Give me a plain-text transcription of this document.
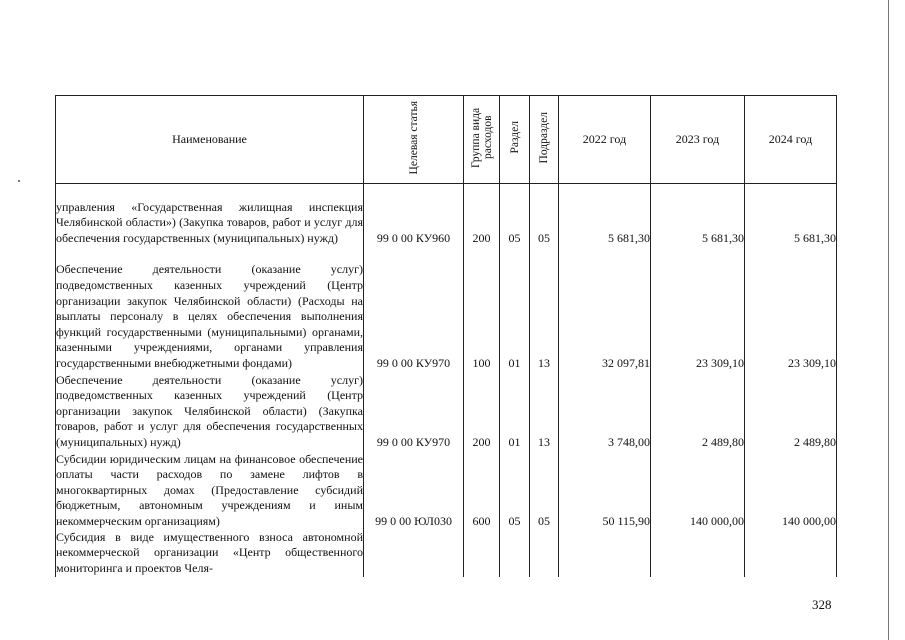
Наименование	Целевая статья	Группа вида расходов	Раздел	Подраздел	2022 год	2023 год	2024 год
управления «Государственная жилищная инспекция Челябинской области») (Закупка товаров, работ и услуг для обеспечения государственных (муниципальных) нужд)	99 0 00 КУ960	200	05	05	5 681,30	5 681,30	5 681,30
Обеспечение деятельности (оказание услуг) подведомственных казенных учреждений (Центр организации закупок Челябинской области) (Расходы на выплаты персоналу в целях обеспечения выполнения функций государственными (муниципальными) органами, казенными учреждениями, органами управления государственными внебюджетными фондами)	99 0 00 КУ970	100	01	13	32 097,81	23 309,10	23 309,10
Обеспечение деятельности (оказание услуг) подведомственных казенных учреждений (Центр организации закупок Челябинской области) (Закупка товаров, работ и услуг для обеспечения государственных (муниципальных) нужд)	99 0 00 КУ970	200	01	13	3 748,00	2 489,80	2 489,80
Субсидии юридическим лицам на финансовое обеспечение оплаты части расходов по замене лифтов в многоквартирных домах (Предоставление субсидий бюджетным, автономным учреждениям и иным некоммерческим организациям)	99 0 00 ЮЛ030	600	05	05	50 115,90	140 000,00	140 000,00
Субсидия в виде имущественного взноса автономной некоммерческой организации «Центр общественного мониторинга и проектов Челя-							
328
